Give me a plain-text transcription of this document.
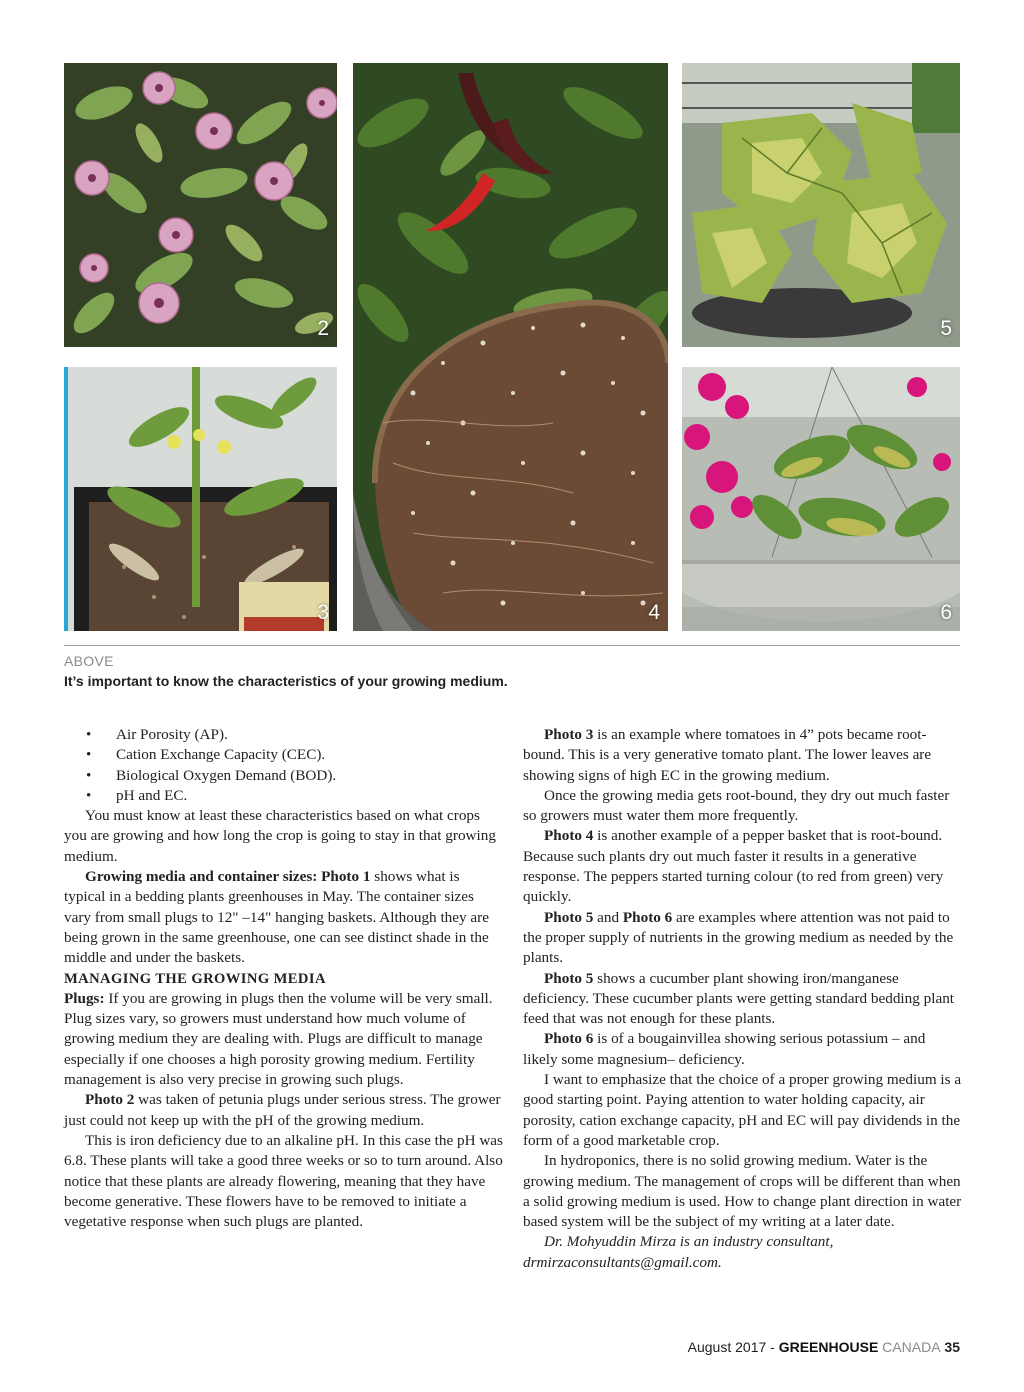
2
3	4
5
6
ABOVE
It’s important to know the characteristics of your growing medium.
• Air Porosity (AP).
• Cation Exchange Capacity (CEC).
• Biological Oxygen Demand (BOD).
• pH and EC.

You must know at least these characteristics based on what crops you are growing and how long the crop is going to stay in that growing medium.

Growing media and container sizes: Photo 1 shows what is typical in a bedding plants greenhouses in May. The container sizes vary from small plugs to 12" –14" hanging baskets. Although they are being grown in the same greenhouse, one can see distinct shade in the middle and under the baskets.

MANAGING THE GROWING MEDIA

Plugs: If you are growing in plugs then the volume will be very small. Plug sizes vary, so growers must understand how much volume of growing medium they are dealing with. Plugs are difficult to manage especially if one chooses a high porosity growing medium. Fertility management is also very precise in growing such plugs.

Photo 2 was taken of petunia plugs under serious stress. The grower just could not keep up with the pH of the growing medium.

This is iron deficiency due to an alkaline pH. In this case the pH was 6.8. These plants will take a good three weeks or so to turn around. Also notice that these plants are already flowering, meaning that they have become generative. These flowers have to be removed to initiate a vegetative response when such plugs are planted.

Photo 3 is an example where tomatoes in 4” pots became root-bound. This is a very generative tomato plant. The lower leaves are showing signs of high EC in the growing medium.

Once the growing media gets root-bound, they dry out much faster so growers must water them more frequently.

Photo 4 is another example of a pepper basket that is root-bound. Because such plants dry out much faster it results in a generative response. The peppers started turning colour (to red from green) very quickly.

Photo 5 and Photo 6 are examples where attention was not paid to the proper supply of nutrients in the growing medium as needed by the plants.

Photo 5 shows a cucumber plant showing iron/manganese deficiency. These cucumber plants were getting standard bedding plant feed that was not enough for these plants.

Photo 6 is of a bougainvillea showing serious potassium – and likely some magnesium– deficiency.

I want to emphasize that the choice of a proper growing medium is a good starting point. Paying attention to water holding capacity, air porosity, cation exchange capacity, pH and EC will pay dividends in the form of a good marketable crop.

In hydroponics, there is no solid growing medium. Water is the growing medium. The management of crops will be different than when a solid growing medium is used. How to change plant direction in water based system will be the subject of my writing at a later date.

Dr. Mohyuddin Mirza is an industry consultant,

drmirzaconsultants@gmail.com.

August 2017 - GREENHOUSE CANADA 35
